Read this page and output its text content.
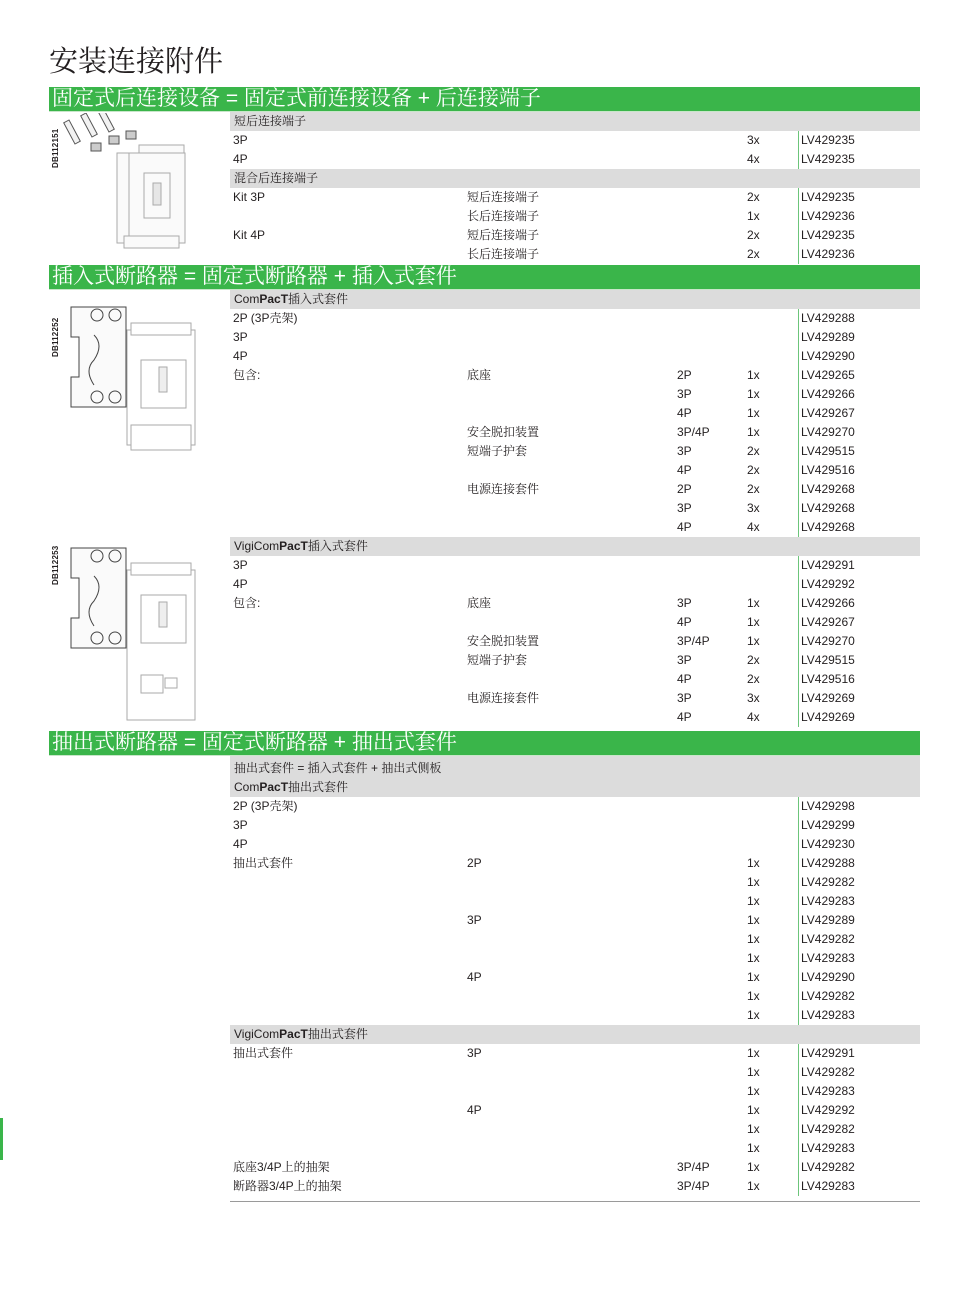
安装连接附件
固定式后连接设备 = 固定式前连接设备 + 后连接端子
DB112151
短后连接端子
3P	3x	LV429235
4P	4x	LV429235
混合后连接端子
Kit 3P	短后连接端子	2x	LV429235
长后连接端子	1x	LV429236
Kit 4P	短后连接端子	2x	LV429235
长后连接端子	2x	LV429236
插入式断路器 = 固定式断路器 + 插入式套件
DB112252
DB112253
ComPacT插入式套件
2P (3P壳架)	LV429288
3P	LV429289
4P	LV429290
包含:	底座	2P	1x	LV429265
3P	1x	LV429266
4P	1x	LV429267
安全脱扣装置	3P/4P	1x	LV429270
短端子护套	3P	2x	LV429515
4P	2x	LV429516
电源连接套件	2P	2x	LV429268
3P	3x	LV429268
4P	4x	LV429268
VigiComPacT插入式套件
3P	LV429291
4P	LV429292
包含:	底座	3P	1x	LV429266
4P	1x	LV429267
安全脱扣装置	3P/4P	1x	LV429270
短端子护套	3P	2x	LV429515
4P	2x	LV429516
电源连接套件	3P	3x	LV429269
4P	4x	LV429269
抽出式断路器 = 固定式断路器 + 抽出式套件
抽出式套件 = 插入式套件 + 抽出式侧板
ComPacT抽出式套件
2P (3P壳架)	LV429298
3P	LV429299
4P	LV429230
抽出式套件	2P	1x	LV429288
1x	LV429282
1x	LV429283
3P	1x	LV429289
1x	LV429282
1x	LV429283
4P	1x	LV429290
1x	LV429282
1x	LV429283
VigiComPacT抽出式套件
抽出式套件	3P	1x	LV429291
1x	LV429282
1x	LV429283
4P	1x	LV429292
1x	LV429282
1x	LV429283
底座3/4P上的抽架	3P/4P	1x	LV429282
断路器3/4P上的抽架	3P/4P	1x	LV429283
